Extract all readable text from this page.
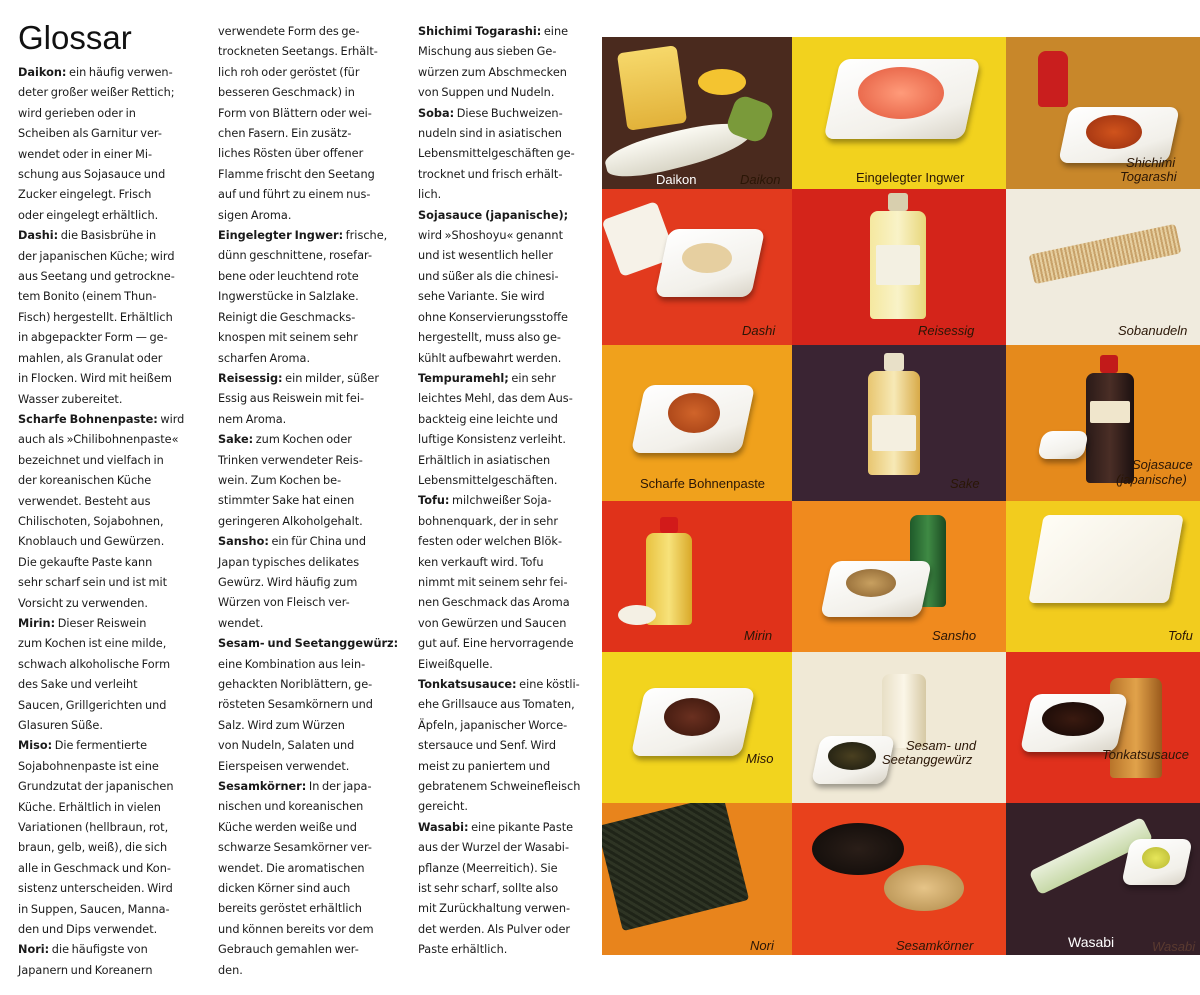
Glossar

Daikon: ein häufig verwen-
deter großer weißer Rettich;
wird gerieben oder in
Scheiben als Garnitur ver-
wendet oder in einer Mi-
schung aus Sojasauce und
Zucker eingelegt. Frisch
oder eingelegt erhältlich.

Dashi: die Basisbrühe in
der japanischen Küche; wird
aus Seetang und getrockne-
tem Bonito (einem Thun-
Fisch) hergestellt. Erhältlich
in abgepackter Form — ge-
mahlen, als Granulat oder
in Flocken. Wird mit heißem
Wasser zubereitet.

Scharfe Bohnenpaste: wird
auch als »Chilibohnenpaste«
bezeichnet und vielfach in
der koreanischen Küche
verwendet. Besteht aus
Chilischoten, Sojabohnen,
Knoblauch und Gewürzen.
Die gekaufte Paste kann
sehr scharf sein und ist mit
Vorsicht zu verwenden.

Mirin: Dieser Reiswein
zum Kochen ist eine milde,
schwach alkoholische Form
des Sake und verleiht
Saucen, Grillgerichten und
Glasuren Süße.

Miso: Die fermentierte
Sojabohnenpaste ist eine
Grundzutat der japanischen
Küche. Erhältlich in vielen
Variationen (hellbraun, rot,
braun, gelb, weiß), die sich
alle in Geschmack und Kon-
sistenz unterscheiden. Wird
in Suppen, Saucen, Manna-
den und Dips verwendet.

Nori: die häufigste von
Japanern und Koreanern

verwendete Form des ge-
trockneten Seetangs. Erhält-
lich roh oder geröstet (für
besseren Geschmack) in
Form von Blättern oder wei-
chen Fasern. Ein zusätz-
liches Rösten über offener
Flamme frischt den Seetang
auf und führt zu einem nus-
sigen Aroma.

Eingelegter Ingwer: frische,
dünn geschnittene, rosefar-
bene oder leuchtend rote
Ingwerstücke in Salzlake.
Reinigt die Geschmacks-
knospen mit seinem sehr
scharfen Aroma.

Reisessig: ein milder, süßer
Essig aus Reiswein mit fei-
nem Aroma.

Sake: zum Kochen oder
Trinken verwendeter Reis-
wein. Zum Kochen be-
stimmter Sake hat einen
geringeren Alkoholgehalt.

Sansho: ein für China und
Japan typisches delikates
Gewürz. Wird häufig zum
Würzen von Fleisch ver-
wendet.

Sesam- und Seetanggewürz:
eine Kombination aus lein-
gehackten Noriblättern, ge-
rösteten Sesamkörnern und
Salz. Wird zum Würzen
von Nudeln, Salaten und
Eierspeisen verwendet.

Sesamkörner: In der japa-
nischen und koreanischen
Küche werden weiße und
schwarze Sesamkörner ver-
wendet. Die aromatischen
dicken Körner sind auch
bereits geröstet erhältlich
und können bereits vor dem
Gebrauch gemahlen wer-
den.

Shichimi Togarashi: eine
Mischung aus sieben Ge-
würzen zum Abschmecken
von Suppen und Nudeln.

Soba: Diese Buchweizen-
nudeln sind in asiatischen
Lebensmittelgeschäften ge-
trocknet und frisch erhält-
lich.

Sojasauce (japanische);
wird »Shoshoyu« genannt
und ist wesentlich heller
und süßer als die chinesi-
sehe Variante. Sie wird
ohne Konservierungsstoffe
hergestellt, muss also ge-
kühlt aufbewahrt werden.

Tempuramehl; ein sehr
leichtes Mehl, das dem Aus-
backteig eine leichte und
luftige Konsistenz verleiht.
Erhältlich in asiatischen
Lebensmittelgeschäften.

Tofu: milchweißer Soja-
bohnenquark, der in sehr
festen oder welchen Blök-
ken verkauft wird. Tofu
nimmt mit seinem sehr fei-
nen Geschmack das Aroma
von Gewürzen und Saucen
gut auf. Eine hervorragende
Eiweißquelle.

Tonkatsusauce: eine köstli-
ehe Grillsauce aus Tomaten,
Äpfeln, japanischer Worce-
stersauce und Senf. Wird
meist zu paniertem und
gebratenem Schweinefleisch
gereicht.

Wasabi: eine pikante Paste
aus der Wurzel der Wasabi-
pflanze (Meerreitich). Sie
ist sehr scharf, sollte also
mit Zurückhaltung verwen-
det werden. Als Pulver oder
Paste erhältlich.

Daikon	Daikon	Eingelegter Ingwer
Shichimi
Togarashi
Dashi	Reisessig	Sobanudeln
Scharfe Bohnenpaste	Sake
Sojasauce
(japanische)
Mirin	Sansho	Tofu
Miso
Sesam- und
Seetanggewürz	Tonkatsusauce
Nori	Sesamkörner	Wasabi	Wasabi
